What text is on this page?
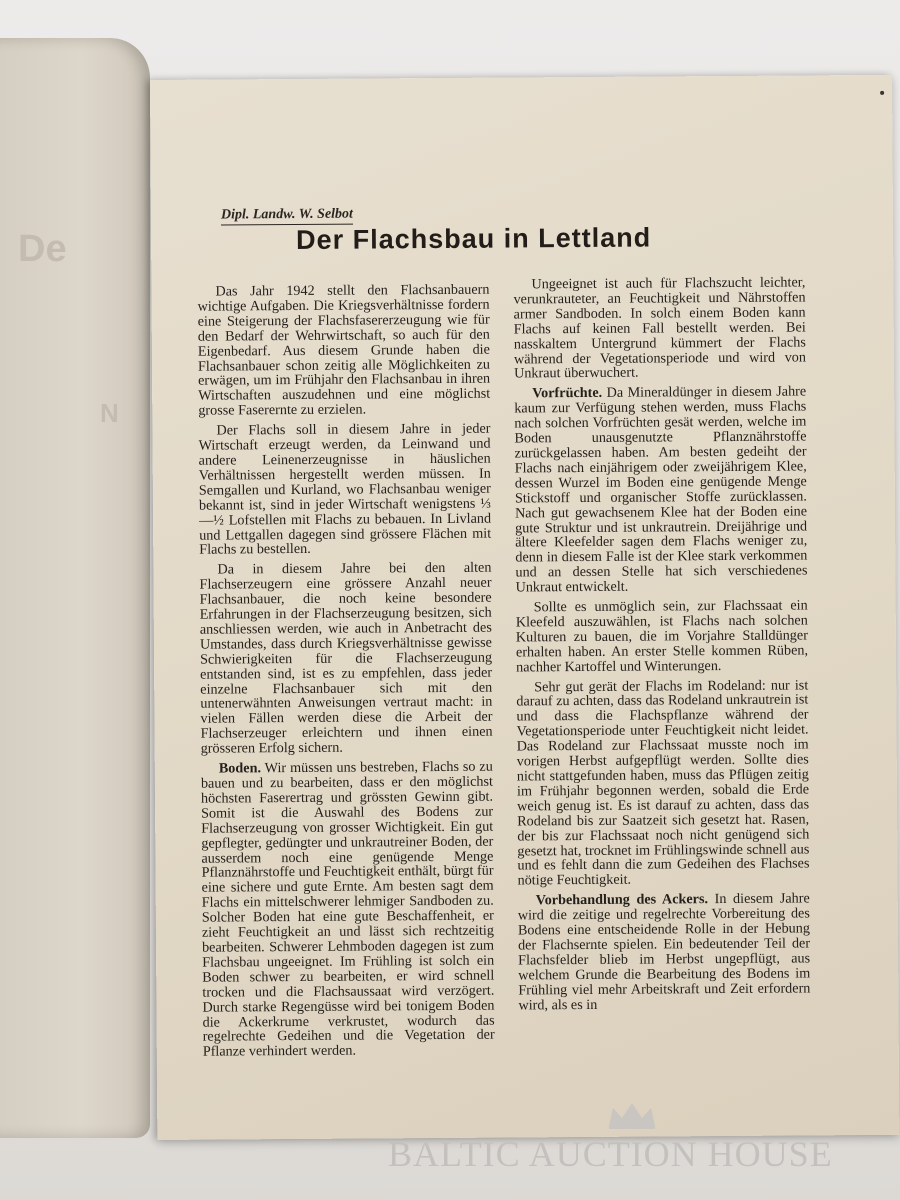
De
N
Dipl. Landw. W. Selbot
Der Flachsbau in Lettland

Das Jahr 1942 stellt den Flachsanbauern wichtige Aufgaben. Die Kriegsverhältnisse fordern eine Steigerung der Flachsfasererzeugung wie für den Bedarf der Wehrwirtschaft, so auch für den Eigenbedarf. Aus diesem Grunde haben die Flachsanbauer schon zeitig alle Möglichkeiten zu erwägen, um im Frühjahr den Flachsanbau in ihren Wirtschaften auszudehnen und eine möglichst grosse Faserernte zu erzielen.

Der Flachs soll in diesem Jahre in jeder Wirtschaft erzeugt werden, da Leinwand und andere Leinenerzeugnisse in häuslichen Verhältnissen hergestellt werden müssen. In Semgallen und Kurland, wo Flachsanbau weniger bekannt ist, sind in jeder Wirtschaft wenigstens ⅓—½ Lofstellen mit Flachs zu bebauen. In Livland und Lettgallen dagegen sind grössere Flächen mit Flachs zu bestellen.

Da in diesem Jahre bei den alten Flachserzeugern eine grössere Anzahl neuer Flachsanbauer, die noch keine besondere Erfahrungen in der Flachserzeugung besitzen, sich anschliessen werden, wie auch in Anbetracht des Umstandes, dass durch Kriegsverhältnisse gewisse Schwierigkeiten für die Flachserzeugung entstanden sind, ist es zu empfehlen, dass jeder einzelne Flachsanbauer sich mit den untenerwähnten Anweisungen vertraut macht: in vielen Fällen werden diese die Arbeit der Flachserzeuger erleichtern und ihnen einen grösseren Erfolg sichern.

Boden. Wir müssen uns bestreben, Flachs so zu bauen und zu bearbeiten, dass er den möglichst höchsten Faserertrag und grössten Gewinn gibt. Somit ist die Auswahl des Bodens zur Flachserzeugung von grosser Wichtigkeit. Ein gut gepflegter, gedüngter und unkrautreiner Boden, der ausserdem noch eine genügende Menge Pflanznährstoffe und Feuchtigkeit enthält, bürgt für eine sichere und gute Ernte. Am besten sagt dem Flachs ein mittelschwerer lehmiger Sandboden zu. Solcher Boden hat eine gute Beschaffenheit, er zieht Feuchtigkeit an und lässt sich rechtzeitig bearbeiten. Schwerer Lehmboden dagegen ist zum Flachsbau ungeeignet. Im Frühling ist solch ein Boden schwer zu bearbeiten, er wird schnell trocken und die Flachsaussaat wird verzögert. Durch starke Regengüsse wird bei tonigem Boden die Ackerkrume verkrustet, wodurch das regelrechte Gedeihen und die Vegetation der Pflanze verhindert werden.

Ungeeignet ist auch für Flachszucht leichter, verunkrauteter, an Feuchtigkeit und Nährstoffen armer Sandboden. In solch einem Boden kann Flachs auf keinen Fall bestellt werden. Bei nasskaltem Untergrund kümmert der Flachs während der Vegetationsperiode und wird von Unkraut überwuchert.

Vorfrüchte. Da Mineraldünger in diesem Jahre kaum zur Verfügung stehen werden, muss Flachs nach solchen Vorfrüchten gesät werden, welche im Boden unausgenutzte Pflanznährstoffe zurückgelassen haben. Am besten gedeiht der Flachs nach einjährigem oder zweijährigem Klee, dessen Wurzel im Boden eine genügende Menge Stickstoff und organischer Stoffe zurücklassen. Nach gut gewachsenem Klee hat der Boden eine gute Struktur und ist unkrautrein. Dreijährige und ältere Kleefelder sagen dem Flachs weniger zu, denn in diesem Falle ist der Klee stark verkommen und an dessen Stelle hat sich verschiedenes Unkraut entwickelt.

Sollte es unmöglich sein, zur Flachssaat ein Kleefeld auszuwählen, ist Flachs nach solchen Kulturen zu bauen, die im Vorjahre Stalldünger erhalten haben. An erster Stelle kommen Rüben, nachher Kartoffel und Winterungen.

Sehr gut gerät der Flachs im Rodeland: nur ist darauf zu achten, dass das Rodeland unkrautrein ist und dass die Flachspflanze während der Vegetationsperiode unter Feuchtigkeit nicht leidet. Das Rodeland zur Flachssaat musste noch im vorigen Herbst aufgepflügt werden. Sollte dies nicht stattgefunden haben, muss das Pflügen zeitig im Frühjahr begonnen werden, sobald die Erde weich genug ist. Es ist darauf zu achten, dass das Rodeland bis zur Saatzeit sich gesetzt hat. Rasen, der bis zur Flachssaat noch nicht genügend sich gesetzt hat, trocknet im Frühlingswinde schnell aus und es fehlt dann die zum Gedeihen des Flachses nötige Feuchtigkeit.

Vorbehandlung des Ackers. In diesem Jahre wird die zeitige und regelrechte Vorbereitung des Bodens eine entscheidende Rolle in der Hebung der Flachsernte spielen. Ein bedeutender Teil der Flachsfelder blieb im Herbst ungepflügt, aus welchem Grunde die Bearbeitung des Bodens im Frühling viel mehr Arbeitskraft und Zeit erfordern wird, als es in

BALTIC AUCTION HOUSE
